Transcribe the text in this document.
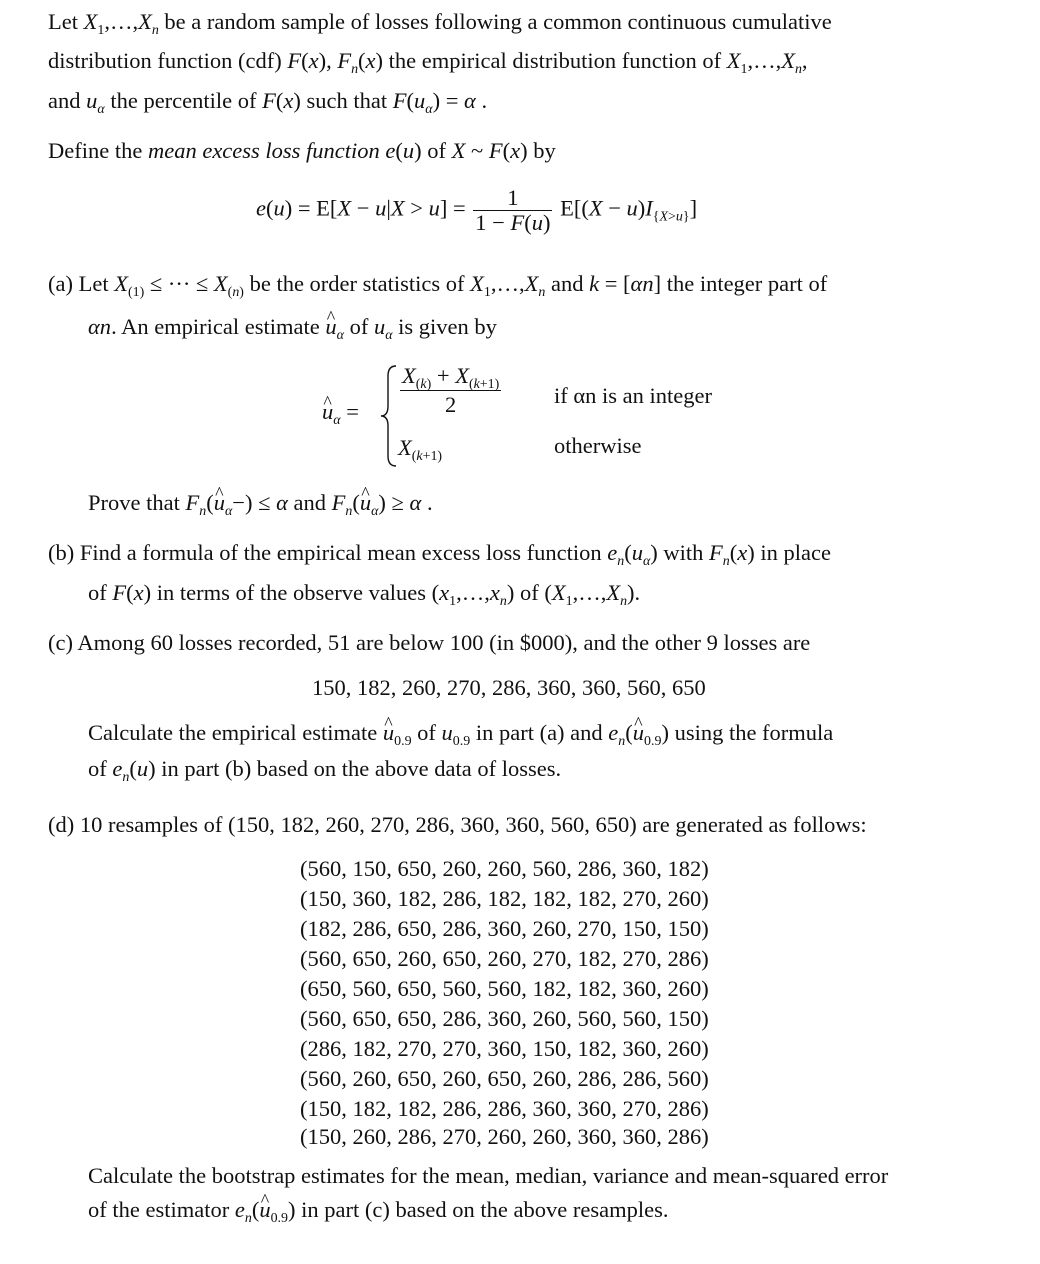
Let $X_1,\dots,X_n$ be a random sample of losses following a common continuous cumulative
distribution function (cdf) F(x), $F_n(x)$ the empirical distribution function of $X_1,\dots,X_n$,
and $u_\alpha$ the percentile of F(x) such that $F(u_\alpha) = \alpha$ .
Define the mean excess loss function e(u) of X ~ F(x) by
$e(u) = E[X - u|X > u] = \frac{1}{1 - F(u)} E[(X - u)I_{\{X>u\}}]$
(a) Let $X_{(1)}$ ≤ ··· ≤ $X_{(n)}$ be the order statistics of $X_1,\dots,X_n$ and k = [αn] the integer part of
αn. An empirical estimate ^ $u_\alpha$ of $u_\alpha$ is given by
^ $u_\alpha = \frac{X_{(k)} + X_{(k+1)}}{2}$
$X_{(k+1)}$
if αn is an integer
otherwise
Prove that $F_n(\^{}$ $u_\alpha-) \le \alpha$ and $F_n(\^{}$ $u_\alpha) \ge \alpha$ .
(b) Find a formula of the empirical mean excess loss function $e_n(u_\alpha)$ with $F_n(x)$ in place
of F(x) in terms of the observe values $(x_1,\dots,x_n)$ of $(X_1,\dots,X_n)$.
(c) Among 60 losses recorded, 51 are below 100 (in $000), and the other 9 losses are
150, 182, 260, 270, 286, 360, 360, 560, 650
Calculate the empirical estimate ^ $u_{0.9}$ of $u_{0.9}$ in part (a) and $e_n(\^{}$ $u_{0.9}$) using the formula
of $e_n(u)$ in part (b) based on the above data of losses.
(d) 10 resamples of (150, 182, 260, 270, 286, 360, 360, 560, 650) are generated as follows:
(560, 150, 650, 260, 260, 560, 286, 360, 182)
(150, 360, 182, 286, 182, 182, 182, 270, 260)
(182, 286, 650, 286, 360, 260, 270, 150, 150)
(560, 650, 260, 650, 260, 270, 182, 270, 286)
(650, 560, 650, 560, 560, 182, 182, 360, 260)
(560, 650, 650, 286, 360, 260, 560, 560, 150)
(286, 182, 270, 270, 360, 150, 182, 360, 260)
(560, 260, 650, 260, 650, 260, 286, 286, 560)
(150, 182, 182, 286, 286, 360, 360, 270, 286)
(150, 260, 286, 270, 260, 260, 360, 360, 286)
Calculate the bootstrap estimates for the mean, median, variance and mean-squared error
of the estimator $e_n(\^{}$ $u_{0.9}$) in part (c) based on the above resamples.
